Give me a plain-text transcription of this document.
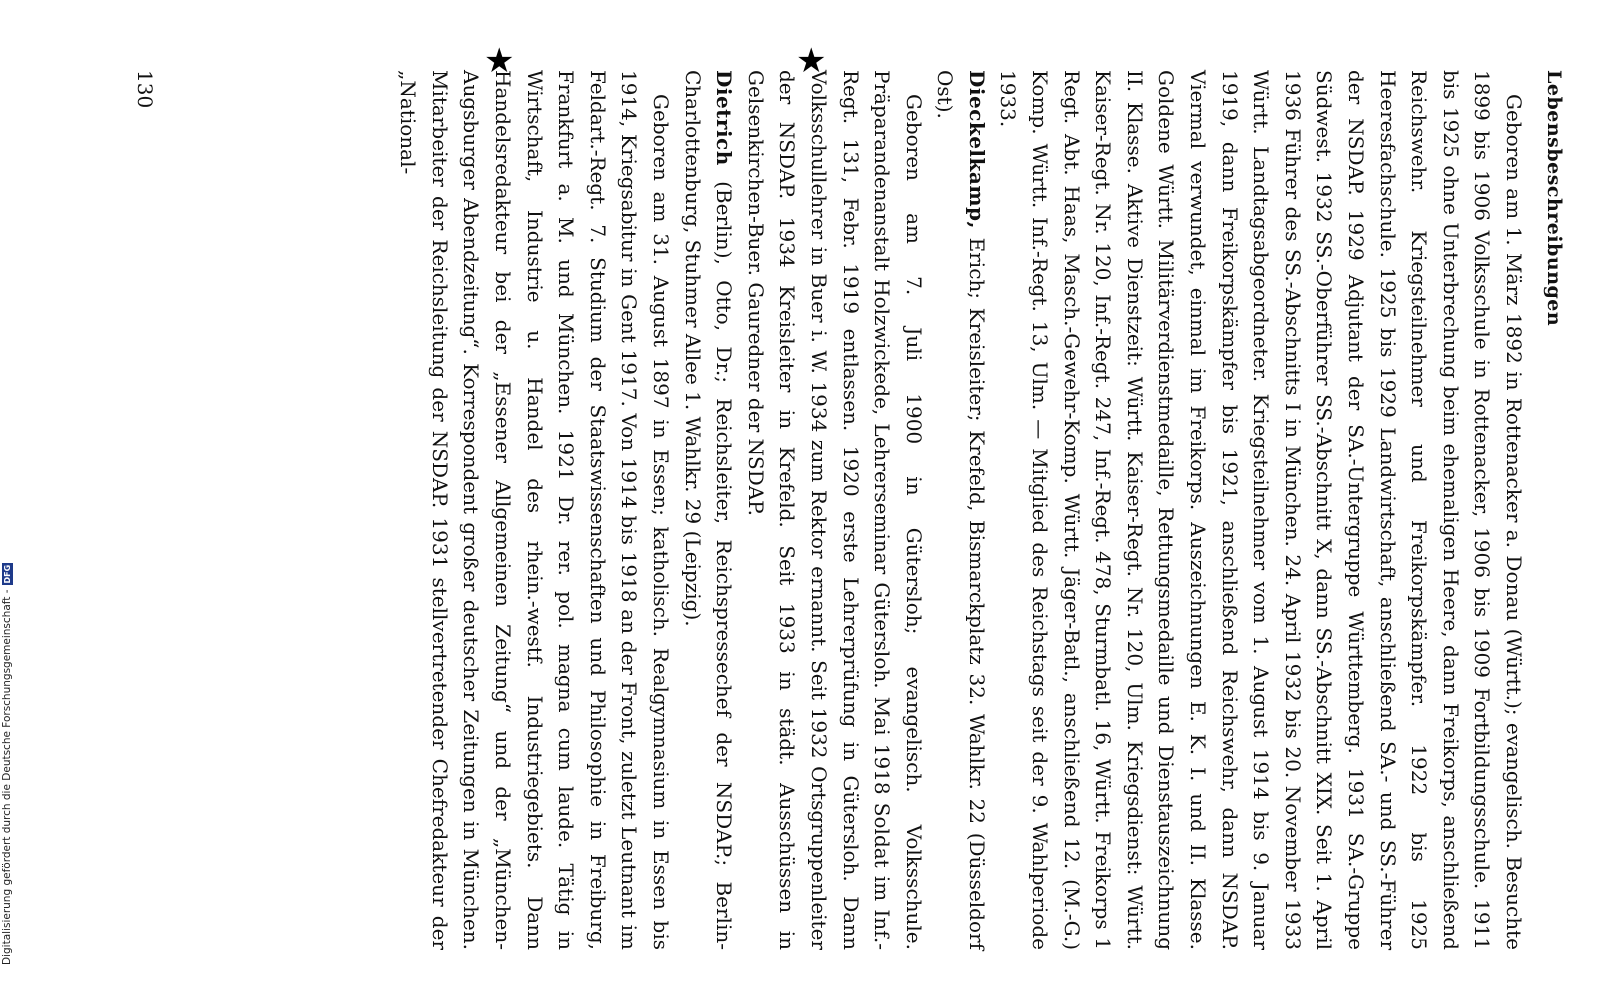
Lebensbeschreibungen

Geboren am 1. März 1892 in Rottenacker a. Donau (Württ.); evangelisch. Besuchte 1899 bis 1906 Volksschule in Rottenacker, 1906 bis 1909 Fortbildungsschule. 1911 bis 1925 ohne Unterbrechung beim ehemaligen Heere, dann Freikorps, anschließend Reichswehr. Kriegsteilnehmer und Freikorpskämpfer. 1922 bis 1925 Heeresfachschule. 1925 bis 1929 Landwirtschaft, anschließend SA.- und SS.-Führer der NSDAP. 1929 Adjutant der SA.-Untergruppe Württemberg. 1931 SA.-Gruppe Südwest. 1932 SS.-Oberführer SS.-Abschnitt X, dann SS.-Abschnitt XIX. Seit 1. April 1936 Führer des SS.-Abschnitts I in München. 24. April 1932 bis 20. November 1933 Württ. Landtagsabgeordneter. Kriegsteilnehmer vom 1. August 1914 bis 9. Januar 1919, dann Freikorpskämpfer bis 1921, anschließend Reichswehr, dann NSDAP. Viermal verwundet, einmal im Freikorps. Auszeichnungen E. K. I. und II. Klasse. Goldene Württ. Militärverdienstmedaille, Rettungsmedaille und Dienstauszeichnung II. Klasse. Aktive Dienstzeit: Württ. Kaiser-Regt. Nr. 120, Ulm. Kriegsdienst: Württ. Kaiser-Regt. Nr. 120, Inf.-Regt. 247, Inf.-Regt. 478, Sturmbatl. 16, Württ. Freikorps 1 Regt. Abt. Haas, Masch.-Gewehr-Komp. Württ. Jäger-Batl., anschließend 12. (M.-G.) Komp. Württ. Inf.-Regt. 13, Ulm. — Mitglied des Reichstags seit der 9. Wahlperiode 1933.

Dieckelkamp, Erich; Kreisleiter; Krefeld, Bismarckplatz 32. Wahlkr. 22 (Düsseldorf Ost).

Geboren am 7. Juli 1900 in Gütersloh; evangelisch. Volksschule. Präparandenanstalt Holzwickede, Lehrerseminar Gütersloh. Mai 1918 Soldat im Inf.-Regt. 131, Febr. 1919 entlassen. 1920 erste Lehrerprüfung in Gütersloh. Dann Volksschullehrer in Buer i. W. 1934 zum Rektor ernannt. Seit 1932 Ortsgruppenleiter der NSDAP. 1934 Kreisleiter in Krefeld. Seit 1933 in städt. Ausschüssen in Gelsenkirchen-Buer. Gauredner der NSDAP.

Dietrich (Berlin), Otto, Dr.; Reichsleiter, Reichspressechef der NSDAP.; Berlin-Charlottenburg, Stuhmer Allee 1. Wahlkr. 29 (Leipzig).

Geboren am 31. August 1897 in Essen; katholisch. Realgymnasium in Essen bis 1914, Kriegsabitur in Gent 1917. Von 1914 bis 1918 an der Front, zuletzt Leutnant im Feldart.-Regt. 7. Studium der Staatswissenschaften und Philosophie in Freiburg, Frankfurt a. M. und München. 1921 Dr. rer. pol. magna cum laude. Tätig in Wirtschaft, Industrie u. Handel des rhein.-westf. Industriegebiets. Dann Handelsredakteur bei der „Essener Allgemeinen Zeitung“ und der „München-Augsburger Abendzeitung“. Korrespondent großer deutscher Zeitungen in München. Mitarbeiter der Reichsleitung der NSDAP. 1931 stellvertretender Chefredakteur der „National-

130
★
★
Digitalisierung gefördert durch die Deutsche Forschungsgemeinschaft -
DFG
